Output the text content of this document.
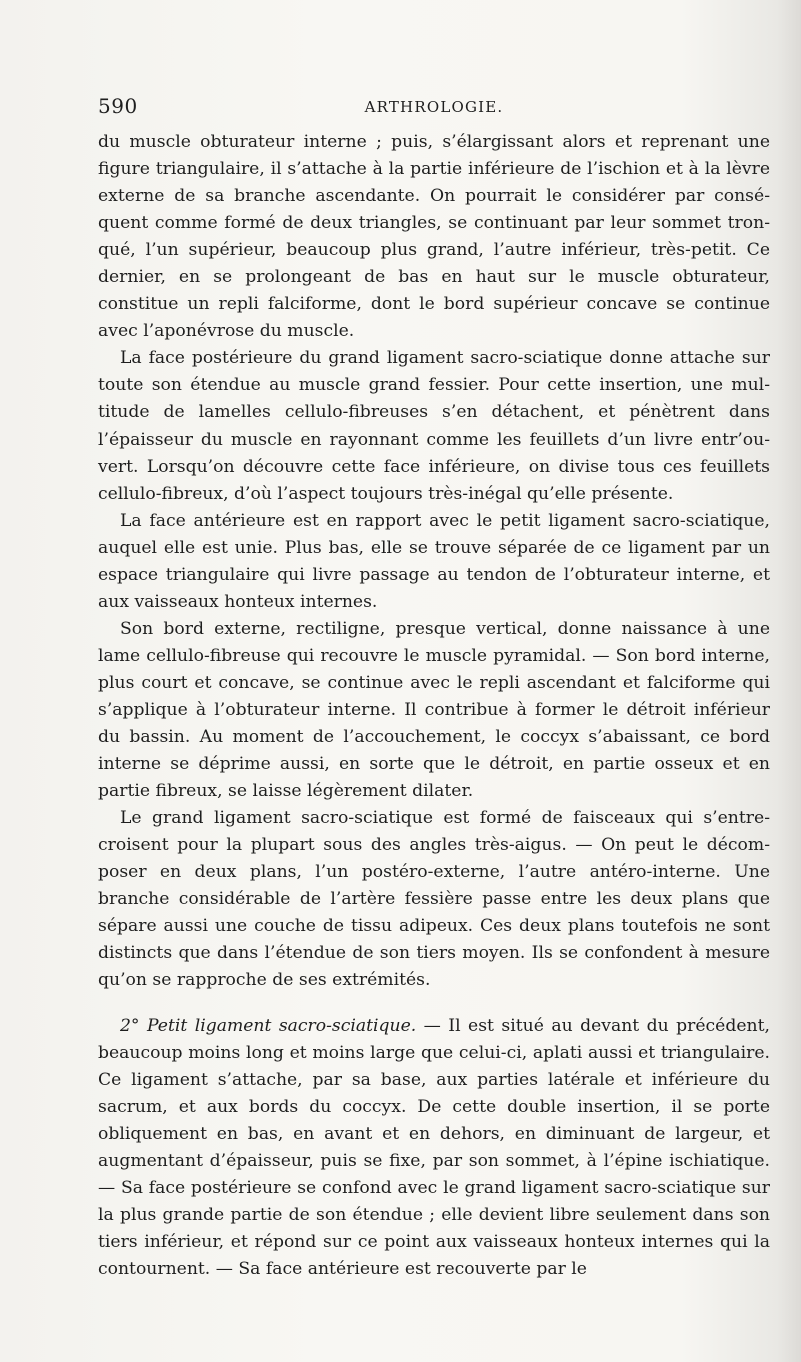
590	ARTHROLOGIE.

du muscle obturateur interne ; puis, s’élargissant alors et reprenant une figure triangulaire, il s’attache à la partie inférieure de l’ischion et à la lèvre externe de sa branche ascendante. On pourrait le considérer par conséquent comme formé de deux triangles, se continuant par leur sommet tronqué, l’un supérieur, beaucoup plus grand, l’autre inférieur, très-petit. Ce dernier, en se prolongeant de bas en haut sur le muscle obturateur, constitue un repli falciforme, dont le bord supérieur concave se continue avec l’aponévrose du muscle.

La face postérieure du grand ligament sacro-sciatique donne attache sur toute son étendue au muscle grand fessier. Pour cette insertion, une multitude de lamelles cellulo-fibreuses s’en détachent, et pénètrent dans l’épaisseur du muscle en rayonnant comme les feuillets d’un livre entr’ouvert. Lorsqu’on découvre cette face inférieure, on divise tous ces feuillets cellulo-fibreux, d’où l’aspect toujours très-inégal qu’elle présente.

La face antérieure est en rapport avec le petit ligament sacro-sciatique, auquel elle est unie. Plus bas, elle se trouve séparée de ce ligament par un espace triangulaire qui livre passage au tendon de l’obturateur interne, et aux vaisseaux honteux internes.

Son bord externe, rectiligne, presque vertical, donne naissance à une lame cellulo-fibreuse qui recouvre le muscle pyramidal. — Son bord interne, plus court et concave, se continue avec le repli ascendant et falciforme qui s’applique à l’obturateur interne. Il contribue à former le détroit inférieur du bassin. Au moment de l’accouchement, le coccyx s’abaissant, ce bord interne se déprime aussi, en sorte que le détroit, en partie osseux et en partie fibreux, se laisse légèrement dilater.

Le grand ligament sacro-sciatique est formé de faisceaux qui s’entrecroisent pour la plupart sous des angles très-aigus. — On peut le décomposer en deux plans, l’un postéro-externe, l’autre antéro-interne. Une branche considérable de l’artère fessière passe entre les deux plans que sépare aussi une couche de tissu adipeux. Ces deux plans toutefois ne sont distincts que dans l’étendue de son tiers moyen. Ils se confondent à mesure qu’on se rapproche de ses extrémités.

2° Petit ligament sacro-sciatique. — Il est situé au devant du précédent, beaucoup moins long et moins large que celui-ci, aplati aussi et triangulaire. Ce ligament s’attache, par sa base, aux parties latérale et inférieure du sacrum, et aux bords du coccyx. De cette double insertion, il se porte obliquement en bas, en avant et en dehors, en diminuant de largeur, et augmentant d’épaisseur, puis se fixe, par son sommet, à l’épine ischiatique. — Sa face postérieure se confond avec le grand ligament sacro-sciatique sur la plus grande partie de son étendue ; elle devient libre seulement dans son tiers inférieur, et répond sur ce point aux vaisseaux honteux internes qui la contournent. — Sa face antérieure est recouverte par le
